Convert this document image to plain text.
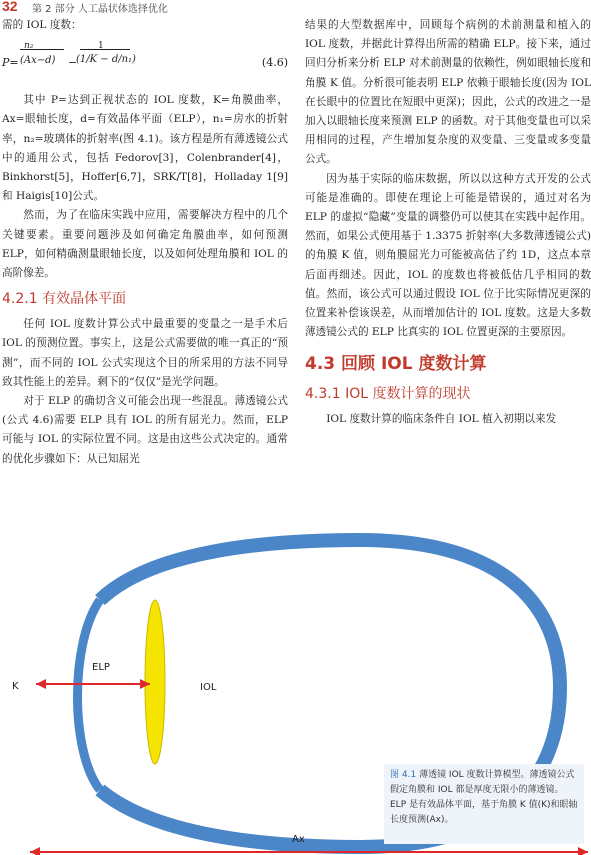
32 第 2 部分 人工晶状体选择优化

需的 IOL 度数：

P=
n₂
(Ax−d) −
1
(1/K − d/n₁)	(4.6)

其中 P=达到正视状态的 IOL 度数，K=角膜曲率，Ax=眼轴长度，d=有效晶体平面（ELP），n₁=房水的折射率，n₂=玻璃体的折射率(图 4.1)。该方程是所有薄透镜公式中的通用公式，包括 Fedorov[3]，Colenbrander[4]，Binkhorst[5]，Hoffer[6,7]，SRK/T[8]，Holladay 1[9]和 Haigis[10]公式。

然而，为了在临床实践中应用，需要解决方程中的几个关键要素。重要问题涉及如何确定角膜曲率，如何预测 ELP，如何精确测量眼轴长度，以及如何处理角膜和 IOL 的高阶像差。

4.2.1 有效晶体平面

任何 IOL 度数计算公式中最重要的变量之一是手术后 IOL 的预测位置。事实上，这是公式需要做的唯一真正的“预测”，而不同的 IOL 公式实现这个目的所采用的方法不同导致其性能上的差异。剩下的“仅仅”是光学问题。

对于 ELP 的确切含义可能会出现一些混乱。薄透镜公式(公式 4.6)需要 ELP 具有 IOL 的所有屈光力。然而，ELP 可能与 IOL 的实际位置不同。这是由这些公式决定的。通常的优化步骤如下：从已知屈光

结果的大型数据库中，回顾每个病例的术前测量和植入的 IOL 度数，并据此计算得出所需的精确 ELP。接下来，通过回归分析来分析 ELP 对术前测量的依赖性，例如眼轴长度和角膜 K 值。分析很可能表明 ELP 依赖于眼轴长度(因为 IOL 在长眼中的位置比在短眼中更深)；因此，公式的改进之一是加入以眼轴长度来预测 ELP 的函数。对于其他变量也可以采用相同的过程，产生增加复杂度的双变量、三变量或多变量公式。

因为基于实际的临床数据，所以以这种方式开发的公式可能是准确的。即使在理论上可能是错误的，通过对名为 ELP 的虚拟“隐藏”变量的调整仍可以使其在实践中起作用。然而，如果公式使用基于 1.3375 折射率(大多数薄透镜公式)的角膜 K 值，则角膜屈光力可能被高估了约 1D，这点本章后面再细述。因此，IOL 的度数也将被低估几乎相同的数值。然而，该公式可以通过假设 IOL 位于比实际情况更深的位置来补偿该误差，从而增加估计的 IOL 度数。这是大多数薄透镜公式的 ELP 比真实的 IOL 位置更深的主要原因。

4.3 回顾 IOL 度数计算
4.3.1 IOL 度数计算的现状

IOL 度数计算的临床条件自 IOL 植入初期以来发

K
ELP
IOL
Ax
图 4.1 薄透镜 IOL 度数计算模型。薄透镜公式假定角膜和 IOL 都是厚度无限小的薄透镜。ELP 是有效晶体平面，基于角膜 K 值(K)和眼轴长度预测(Ax)。
